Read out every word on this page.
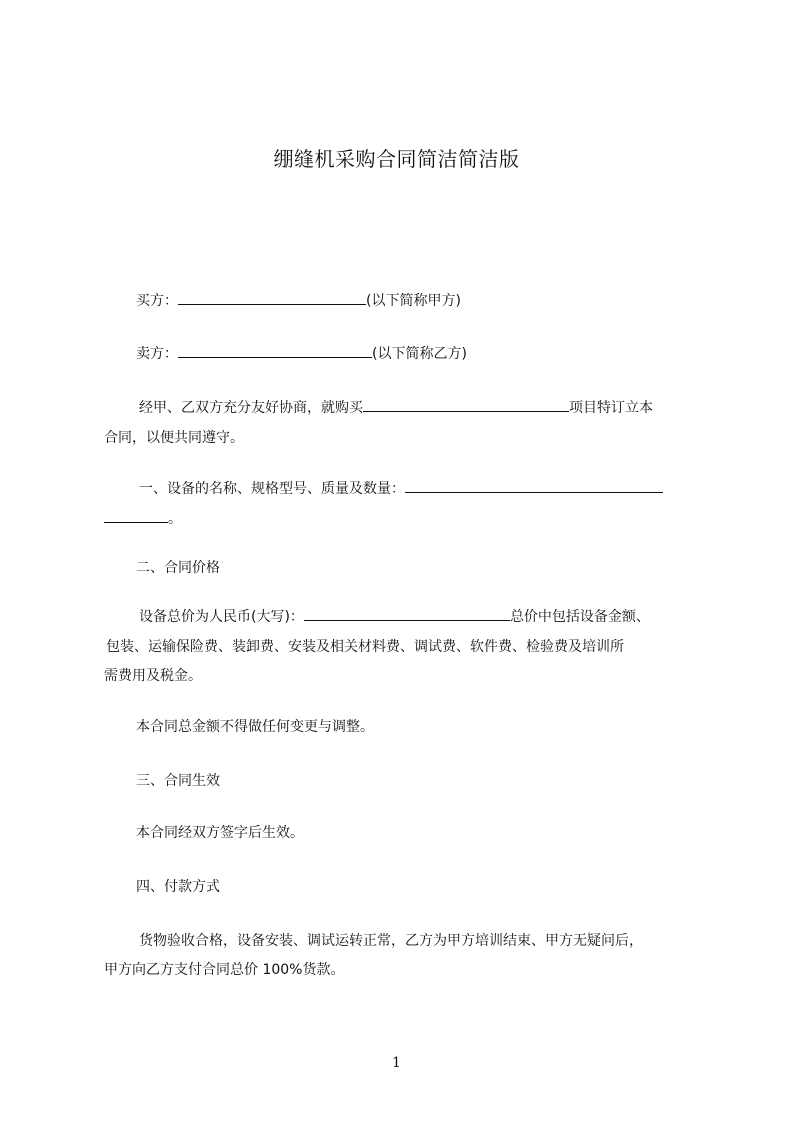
绷缝机采购合同简洁简洁版
买方：	(以下简称甲方)
卖方：	(以下简称乙方)
经甲、乙双方充分友好协商，就购买	项目特订立本
合同，以便共同遵守。
一、设备的名称、规格型号、质量及数量：
。
二、合同价格
设备总价为人民币(大写)：	总价中包括设备金额、
包装、运输保险费、装卸费、安装及相关材料费、调试费、软件费、检验费及培训所
需费用及税金。
本合同总金额不得做任何变更与调整。
三、合同生效
本合同经双方签字后生效。
四、付款方式
货物验收合格，设备安装、调试运转正常，乙方为甲方培训结束、甲方无疑问后，
甲方向乙方支付合同总价 100%货款。
1
